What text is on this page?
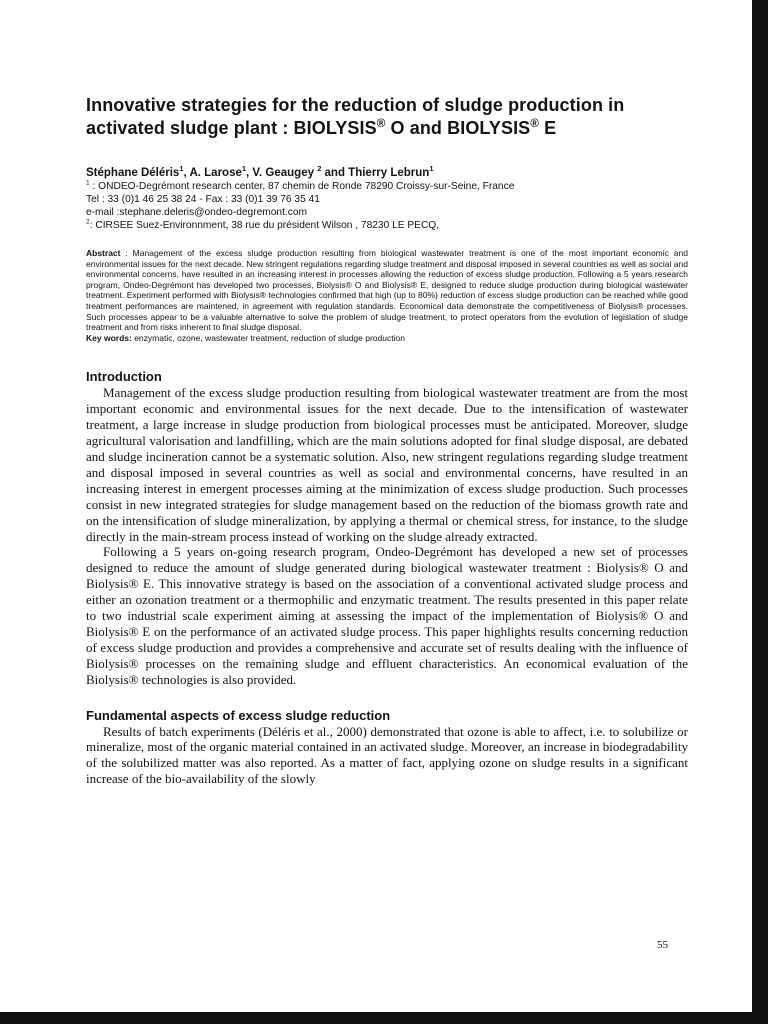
Innovative strategies for the reduction of sludge production in
activated sludge plant : BIOLYSIS® O and BIOLYSIS® E
Stéphane Déléris$^1$, A. Larose$^1$, V. Geaugey $^2$ and Thierry Lebrun$^1$
$^1$ : ONDEO-Degrémont research center, 87 chemin de Ronde 78290 Croissy-sur-Seine, France
Tel : 33 (0)1 46 25 38 24 - Fax : 33 (0)1 39 76 35 41
e-mail :stephane.deleris@ondeo-degremont.com
$^2$: CIRSEE Suez-Environnment, 38 rue du président Wilson , 78230 LE PECQ,
Abstract : Management of the excess sludge production resulting from biological wastewater treatment is one of the most important economic and environmental issues for the next decade. New stringent regulations regarding sludge treatment and disposal imposed in several countries as well as social and environmental concerns, have resulted in an increasing interest in processes allowing the reduction of excess sludge production. Following a 5 years research program, Ondeo-Degrémont has developed two processes, Biolysis® O and Biolysis® E, designed to reduce sludge production during biological wastewater treatment. Experiment performed with Biolysis® technologies confirmed that high (up to 80%) reduction of excess sludge production can be reached while good treatment performances are maintened, in agreement with regulation standards. Economical data demonstrate the competitiveness of Biolysis® processes. Such processes appear to be a valuable alternative to solve the problem of sludge treatment, to protect operators from the evolution of legislation of sludge treatment and from risks inherent to final sludge disposal.
Key words: enzymatic, ozone, wastewater treatment, reduction of sludge production
Introduction

Management of the excess sludge production resulting from biological wastewater treatment are from the most important economic and environmental issues for the next decade. Due to the intensification of wastewater treatment, a large increase in sludge production from biological processes must be anticipated. Moreover, sludge agricultural valorisation and landfilling, which are the main solutions adopted for final sludge disposal, are debated and sludge incineration cannot be a systematic solution. Also, new stringent regulations regarding sludge treatment and disposal imposed in several countries as well as social and environmental concerns, have resulted in an increasing interest in emergent processes aiming at the minimization of excess sludge production. Such processes consist in new integrated strategies for sludge management based on the reduction of the biomass growth rate and on the intensification of sludge mineralization, by applying a thermal or chemical stress, for instance, to the sludge directly in the main-stream process instead of working on the sludge already extracted.

Following a 5 years on-going research program, Ondeo-Degrémont has developed a new set of processes designed to reduce the amount of sludge generated during biological wastewater treatment : Biolysis® O and Biolysis® E. This innovative strategy is based on the association of a conventional activated sludge process and either an ozonation treatment or a thermophilic and enzymatic treatment. The results presented in this paper relate to two industrial scale experiment aiming at assessing the impact of the implementation of Biolysis® O and Biolysis® E on the performance of an activated sludge process. This paper highlights results concerning reduction of excess sludge production and provides a comprehensive and accurate set of results dealing with the influence of Biolysis® processes on the remaining sludge and effluent characteristics. An economical evaluation of the Biolysis® technologies is also provided.

Fundamental aspects of excess sludge reduction

Results of batch experiments (Déléris et al., 2000) demonstrated that ozone is able to affect, i.e. to solubilize or mineralize, most of the organic material contained in an activated sludge. Moreover, an increase in biodegradability of the solubilized matter was also reported. As a matter of fact, applying ozone on sludge results in a significant increase of the bio-availability of the slowly

55
